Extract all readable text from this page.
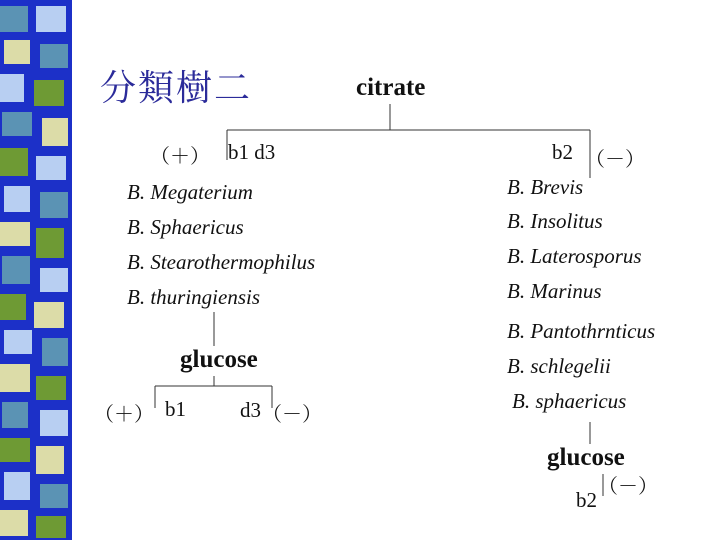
分類樹二	citrate
（＋） b1 d3
B. Megaterium
B. Sphaericus
B. Stearothermophilus
B. thuringiensis
glucose
（＋） b1	d3 （－）
b2 （－）
B. Brevis
B. Insolitus
B. Laterosporus
B. Marinus
B. Pantothrnticus
B. schlegelii
B. sphaericus
glucose
（－）
b2
